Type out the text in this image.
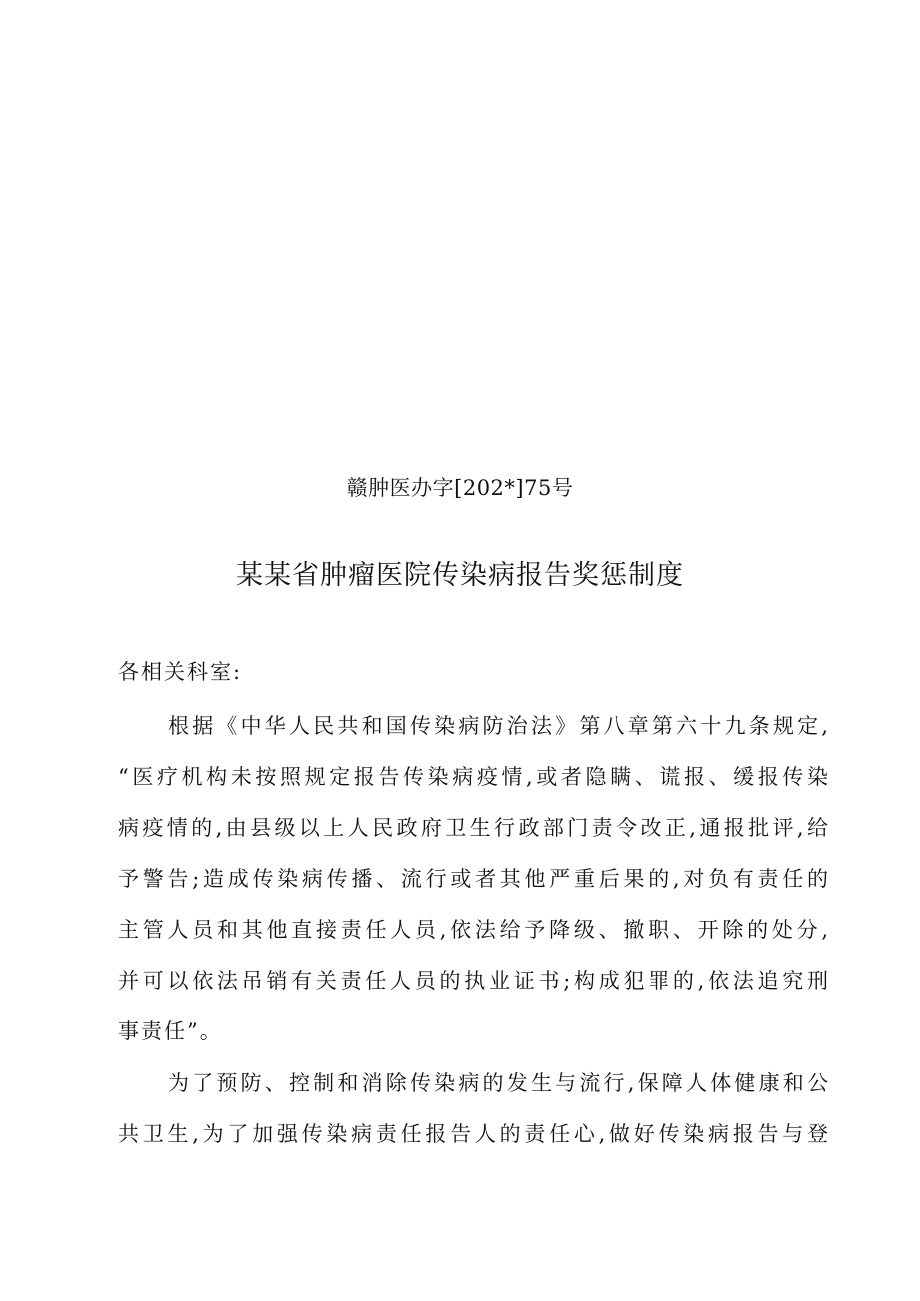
赣肿医办字[202*]75号
某某省肿瘤医院传染病报告奖惩制度
各相关科室:
根据《中华人民共和国传染病防治法》第八章第六十九条规定,
“医疗机构未按照规定报告传染病疫情,或者隐瞒、谎报、缓报传染
病疫情的,由县级以上人民政府卫生行政部门责令改正,通报批评,给
予警告;造成传染病传播、流行或者其他严重后果的,对负有责任的
主管人员和其他直接责任人员,依法给予降级、撤职、开除的处分,
并可以依法吊销有关责任人员的执业证书;构成犯罪的,依法追究刑
事责任”。
为了预防、控制和消除传染病的发生与流行,保障人体健康和公
共卫生,为了加强传染病责任报告人的责任心,做好传染病报告与登
